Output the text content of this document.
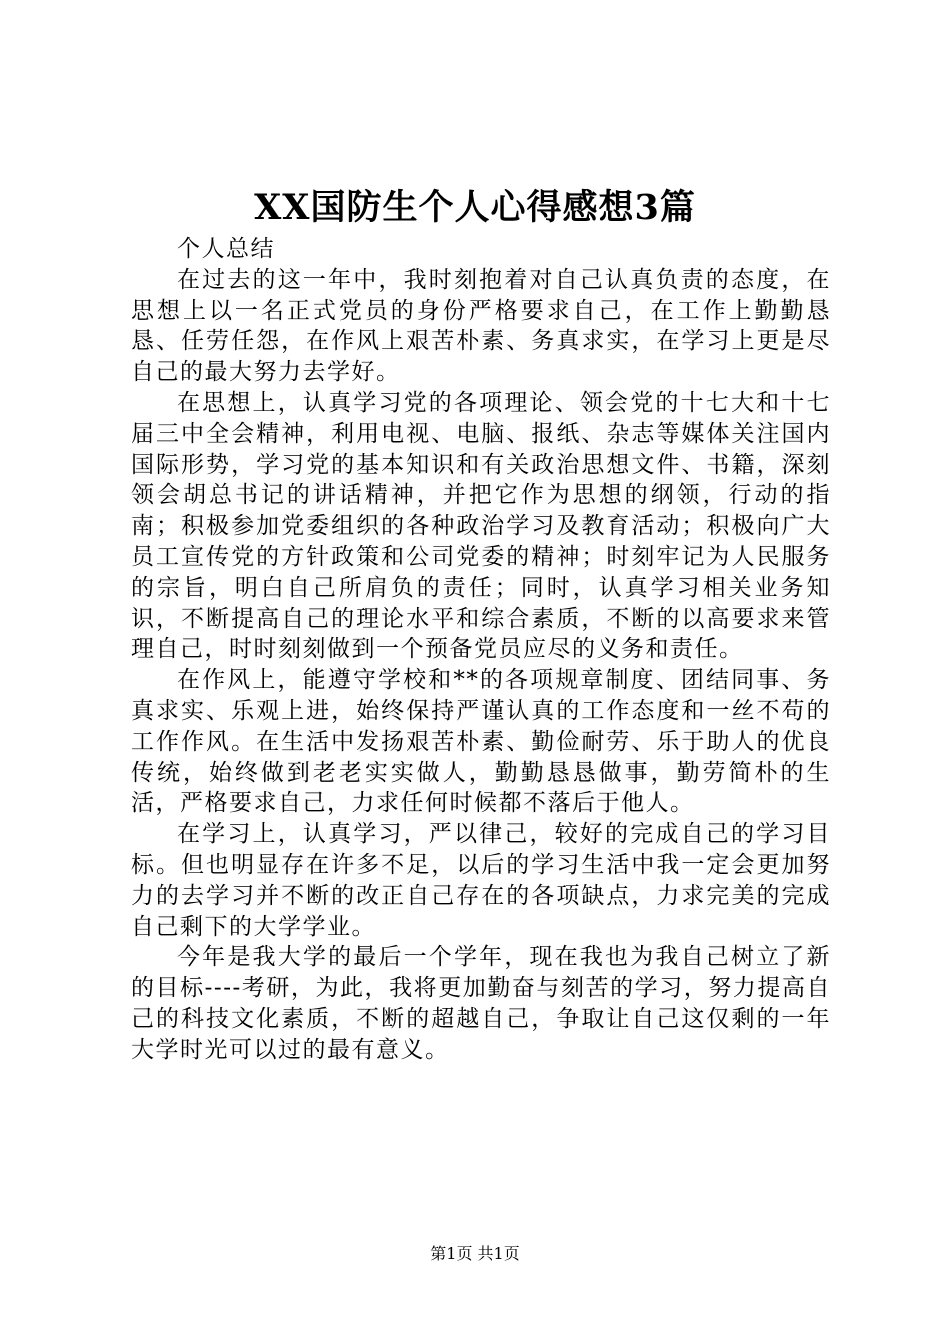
XX国防生个人心得感想3篇

个人总结

在过去的这一年中，我时刻抱着对自己认真负责的态度，在思想上以一名正式党员的身份严格要求自己，在工作上勤勤恳恳、任劳任怨，在作风上艰苦朴素、务真求实，在学习上更是尽自己的最大努力去学好。

在思想上，认真学习党的各项理论、领会党的十七大和十七届三中全会精神，利用电视、电脑、报纸、杂志等媒体关注国内国际形势，学习党的基本知识和有关政治思想文件、书籍，深刻领会胡总书记的讲话精神，并把它作为思想的纲领，行动的指南；积极参加党委组织的各种政治学习及教育活动；积极向广大员工宣传党的方针政策和公司党委的精神；时刻牢记为人民服务的宗旨，明白自己所肩负的责任；同时，认真学习相关业务知识，不断提高自己的理论水平和综合素质，不断的以高要求来管理自己，时时刻刻做到一个预备党员应尽的义务和责任。

在作风上，能遵守学校和**的各项规章制度、团结同事、务真求实、乐观上进，始终保持严谨认真的工作态度和一丝不苟的工作作风。在生活中发扬艰苦朴素、勤俭耐劳、乐于助人的优良传统，始终做到老老实实做人，勤勤恳恳做事，勤劳简朴的生活，严格要求自己，力求任何时候都不落后于他人。

在学习上，认真学习，严以律己，较好的完成自己的学习目标。但也明显存在许多不足，以后的学习生活中我一定会更加努力的去学习并不断的改正自己存在的各项缺点，力求完美的完成自己剩下的大学学业。

今年是我大学的最后一个学年，现在我也为我自己树立了新的目标----考研，为此，我将更加勤奋与刻苦的学习，努力提高自己的科技文化素质，不断的超越自己，争取让自己这仅剩的一年大学时光可以过的最有意义。

第1页 共1页
